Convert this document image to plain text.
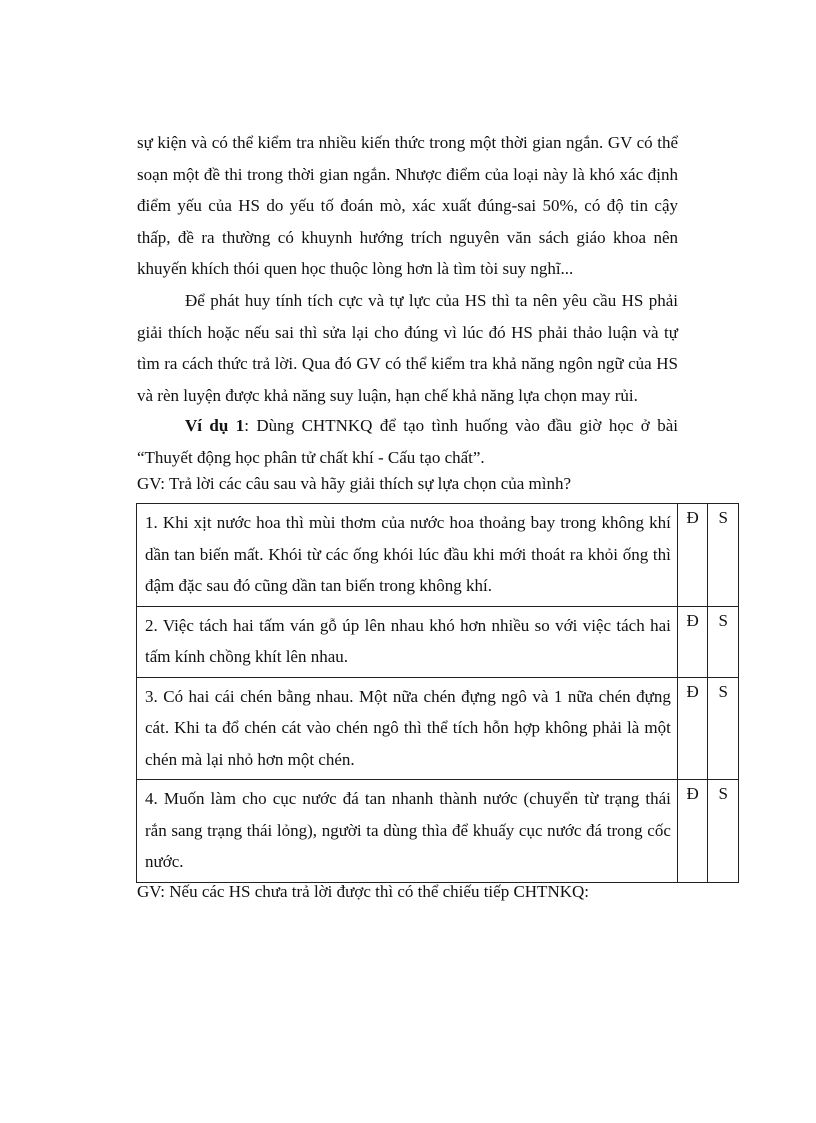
sự kiện và có thể kiểm tra nhiều kiến thức trong một thời gian ngắn. GV có thể soạn một đề thi trong thời gian ngắn. Nhược điểm của loại này là khó xác định điểm yếu của HS do yếu tố đoán mò, xác xuất đúng-sai 50%, có độ tin cậy thấp, đề ra thường có khuynh hướng trích nguyên văn sách giáo khoa nên khuyến khích thói quen học thuộc lòng hơn là tìm tòi suy nghĩ...

Để phát huy tính tích cực và tự lực của HS thì ta nên yêu cầu HS phải giải thích hoặc nếu sai thì sửa lại cho đúng vì lúc đó HS phải thảo luận và tự tìm ra cách thức trả lời. Qua đó GV có thể kiểm tra khả năng ngôn ngữ của HS và rèn luyện được khả năng suy luận, hạn chế khả năng lựa chọn may rủi.

Ví dụ 1: Dùng CHTNKQ để tạo tình huống vào đầu giờ học ở bài “Thuyết động học phân tử chất khí - Cấu tạo chất”.

GV: Trả lời các câu sau và hãy giải thích sự lựa chọn của mình?

1. Khi xịt nước hoa thì mùi thơm của nước hoa thoảng bay trong không khí dần tan biến mất. Khói từ các ống khói lúc đầu khi mới thoát ra khỏi ống thì đậm đặc sau đó cũng dần tan biến trong không khí.	Đ	S
2. Việc tách hai tấm ván gỗ úp lên nhau khó hơn nhiều so với việc tách hai tấm kính chồng khít lên nhau.	Đ	S
3. Có hai cái chén bằng nhau. Một nữa chén đựng ngô và 1 nữa chén đựng cát. Khi ta đổ chén cát vào chén ngô thì thể tích hỗn hợp không phải là một chén mà lại nhỏ hơn một chén.	Đ	S
4. Muốn làm cho cục nước đá tan nhanh thành nước (chuyển từ trạng thái rắn sang trạng thái lỏng), người ta dùng thìa để khuấy cục nước đá trong cốc nước.	Đ	S

GV: Nếu các HS chưa trả lời được thì có thể chiếu tiếp CHTNKQ:
